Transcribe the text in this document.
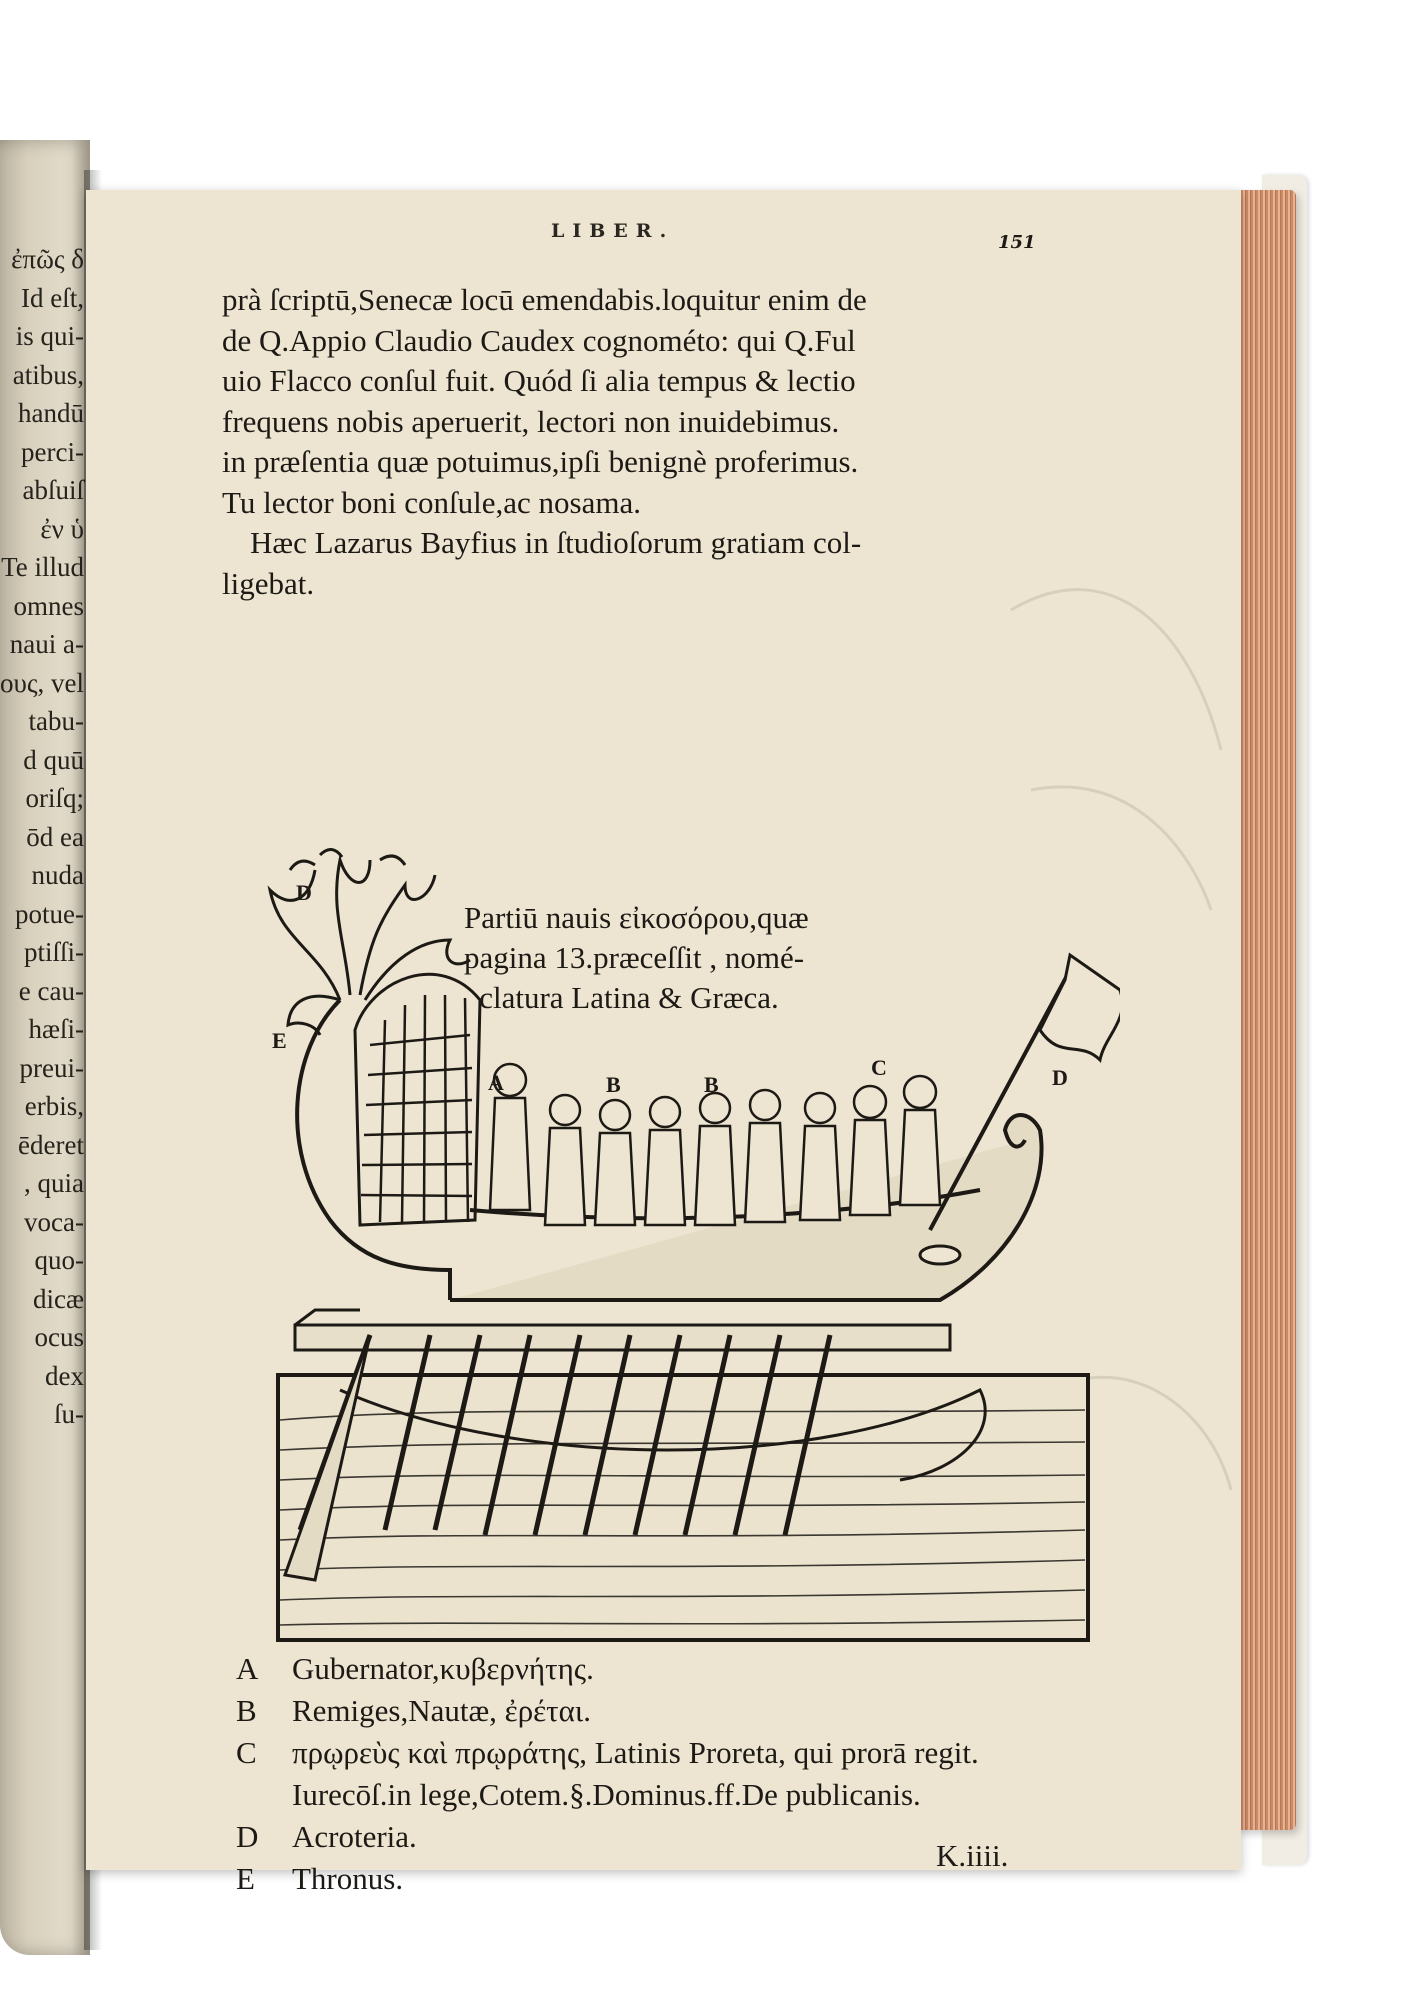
ἐπῶς δ
Id eſt,
is qui-
atibus,
handū
perci-
abſuiſ
ἐν ὑ
Te illud
omnes
naui a-
ους, vel
tabu-
d quū
oriſq;
ōd ea
nuda
potue-
ptiſſi-
e cau-
hæſi-
preui-
erbis,
ēderet
, quia
voca-
quo-
dicæ
ocus
dex
ſu-
LIBER.
151
prà ſcriptū,Senecæ locū emendabis.loquitur enim de
de Q.Appio Claudio Caudex cognométo: qui Q.Ful
uio Flacco conſul fuit. Quód ſi alia tempus & lectio
frequens nobis aperuerit, lectori non inuidebimus.
in præſentia quæ potuimus,ipſi benignè proferimus.
Tu lector boni conſule,ac nosama.
Hæc Lazarus Bayfius in ſtudioſorum gratiam col-
ligebat.
D
E
A	B	B
C	D
Partiū nauis εἰκοσόρου,quæ
pagina 13.præceſſit , nomé-
clatura Latina & Græca.
A Gubernator,κυβερνήτης.
B Remiges,Nautæ, ἐρέται.
C πρῳρεὺς καὶ πρῳράτης, Latinis Proreta, qui prorā regit.
Iurecōſ.in lege,Cotem.§.Dominus.ff.De publicanis.
D Acroteria.
E Thronus.
K.iiii.
